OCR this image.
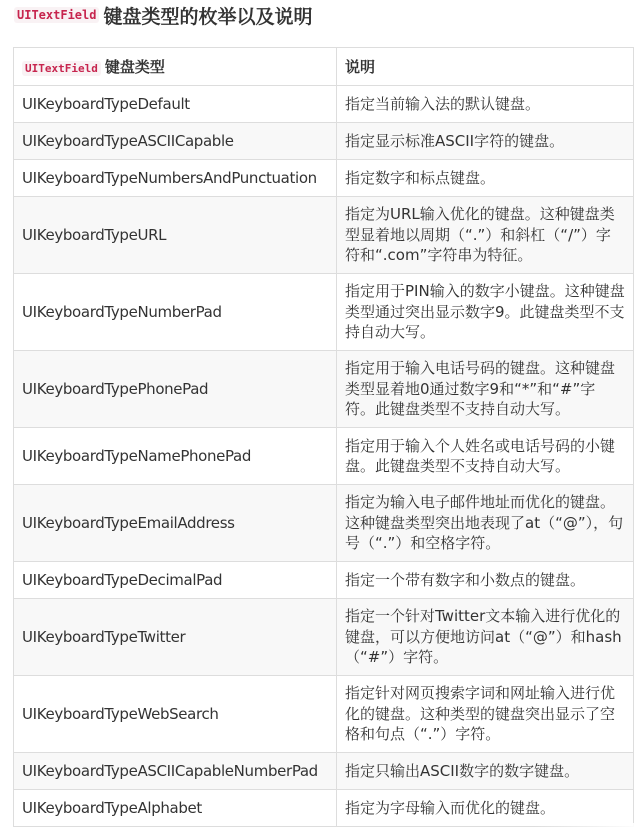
UITextField 键盘类型的枚举以及说明
UITextField 键盘类型	说明
UIKeyboardTypeDefault	指定当前输入法的默认键盘。
UIKeyboardTypeASCIICapable	指定显示标准ASCII字符的键盘。
UIKeyboardTypeNumbersAndPunctuation	指定数字和标点键盘。
UIKeyboardTypeURL	指定为URL输入优化的键盘。这种键盘类型显着地以周期（“.”）和斜杠（“/”）字符和“.com”字符串为特征。
UIKeyboardTypeNumberPad	指定用于PIN输入的数字小键盘。这种键盘类型通过突出显示数字9。此键盘类型不支持自动大写。
UIKeyboardTypePhonePad	指定用于输入电话号码的键盘。这种键盘类型显着地0通过数字9和“*”和“#”字符。此键盘类型不支持自动大写。
UIKeyboardTypeNamePhonePad	指定用于输入个人姓名或电话号码的小键盘。此键盘类型不支持自动大写。
UIKeyboardTypeEmailAddress	指定为输入电子邮件地址而优化的键盘。这种键盘类型突出地表现了at（“@”），句号（“.”）和空格字符。
UIKeyboardTypeDecimalPad	指定一个带有数字和小数点的键盘。
UIKeyboardTypeTwitter	指定一个针对Twitter文本输入进行优化的键盘，可以方便地访问at（“@”）和hash（“#”）字符。
UIKeyboardTypeWebSearch	指定针对网页搜索字词和网址输入进行优化的键盘。这种类型的键盘突出显示了空格和句点（“.”）字符。
UIKeyboardTypeASCIICapableNumberPad	指定只输出ASCII数字的数字键盘。
UIKeyboardTypeAlphabet	指定为字母输入而优化的键盘。
